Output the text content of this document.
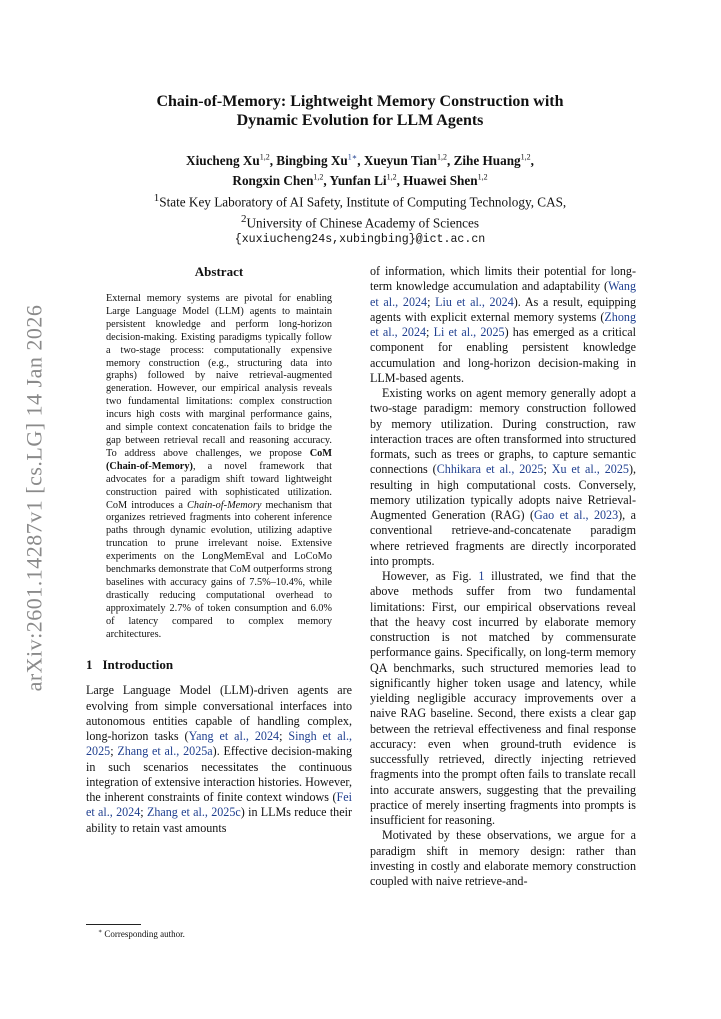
arXiv:2601.14287v1 [cs.LG] 14 Jan 2026
Chain-of-Memory: Lightweight Memory Construction with
Dynamic Evolution for LLM Agents
Xiucheng Xu$^{1,2}$, Bingbing Xu$^{1∗}$, Xueyun Tian$^{1,2}$, Zihe Huang$^{1,2}$,
Rongxin Chen$^{1,2}$, Yunfan Li$^{1,2}$, Huawei Shen$^{1,2}$
$^1$State Key Laboratory of AI Safety, Institute of Computing Technology, CAS,
$^2$University of Chinese Academy of Sciences
{xuxiucheng24s,xubingbing}@ict.ac.cn
Abstract

External memory systems are pivotal for enabling Large Language Model (LLM) agents to maintain persistent knowledge and perform long-horizon decision-making. Existing paradigms typically follow a two-stage process: computationally expensive memory construction (e.g., structuring data into graphs) followed by naive retrieval-augmented generation. However, our empirical analysis reveals two fundamental limitations: complex construction incurs high costs with marginal performance gains, and simple context concatenation fails to bridge the gap between retrieval recall and reasoning accuracy. To address above challenges, we propose CoM (Chain-of-Memory), a novel framework that advocates for a paradigm shift toward lightweight construction paired with sophisticated utilization. CoM introduces a Chain-of-Memory mechanism that organizes retrieved fragments into coherent inference paths through dynamic evolution, utilizing adaptive truncation to prune irrelevant noise. Extensive experiments on the LongMemEval and LoCoMo benchmarks demonstrate that CoM outperforms strong baselines with accuracy gains of 7.5%–10.4%, while drastically reducing computational overhead to approximately 2.7% of token consumption and 6.0% of latency compared to complex memory architectures.

1 Introduction

Large Language Model (LLM)-driven agents are evolving from simple conversational interfaces into autonomous entities capable of handling complex, long-horizon tasks (Yang et al., 2024; Singh et al., 2025; Zhang et al., 2025a). Effective decision-making in such scenarios necessitates the continuous integration of extensive interaction histories. However, the inherent constraints of finite context windows (Fei et al., 2024; Zhang et al., 2025c) in LLMs reduce their ability to retain vast amounts

of information, which limits their potential for long-term knowledge accumulation and adaptability (Wang et al., 2024; Liu et al., 2024). As a result, equipping agents with explicit external memory systems (Zhong et al., 2024; Li et al., 2025) has emerged as a critical component for enabling persistent knowledge accumulation and long-horizon decision-making in LLM-based agents.

Existing works on agent memory generally adopt a two-stage paradigm: memory construction followed by memory utilization. During construction, raw interaction traces are often transformed into structured formats, such as trees or graphs, to capture semantic connections (Chhikara et al., 2025; Xu et al., 2025), resulting in high computational costs. Conversely, memory utilization typically adopts naive Retrieval-Augmented Generation (RAG) (Gao et al., 2023), a conventional retrieve-and-concatenate paradigm where retrieved fragments are directly incorporated into prompts.

However, as Fig. 1 illustrated, we find that the above methods suffer from two fundamental limitations: First, our empirical observations reveal that the heavy cost incurred by elaborate memory construction is not matched by commensurate performance gains. Specifically, on long-term memory QA benchmarks, such structured memories lead to significantly higher token usage and latency, while yielding negligible accuracy improvements over a naive RAG baseline. Second, there exists a clear gap between the retrieval effectiveness and final response accuracy: even when ground-truth evidence is successfully retrieved, directly injecting retrieved fragments into the prompt often fails to translate recall into accurate answers, suggesting that the prevailing practice of merely inserting fragments into prompts is insufficient for reasoning.

Motivated by these observations, we argue for a paradigm shift in memory design: rather than investing in costly and elaborate memory construction coupled with naive retrieve-and-

∗ Corresponding author.
